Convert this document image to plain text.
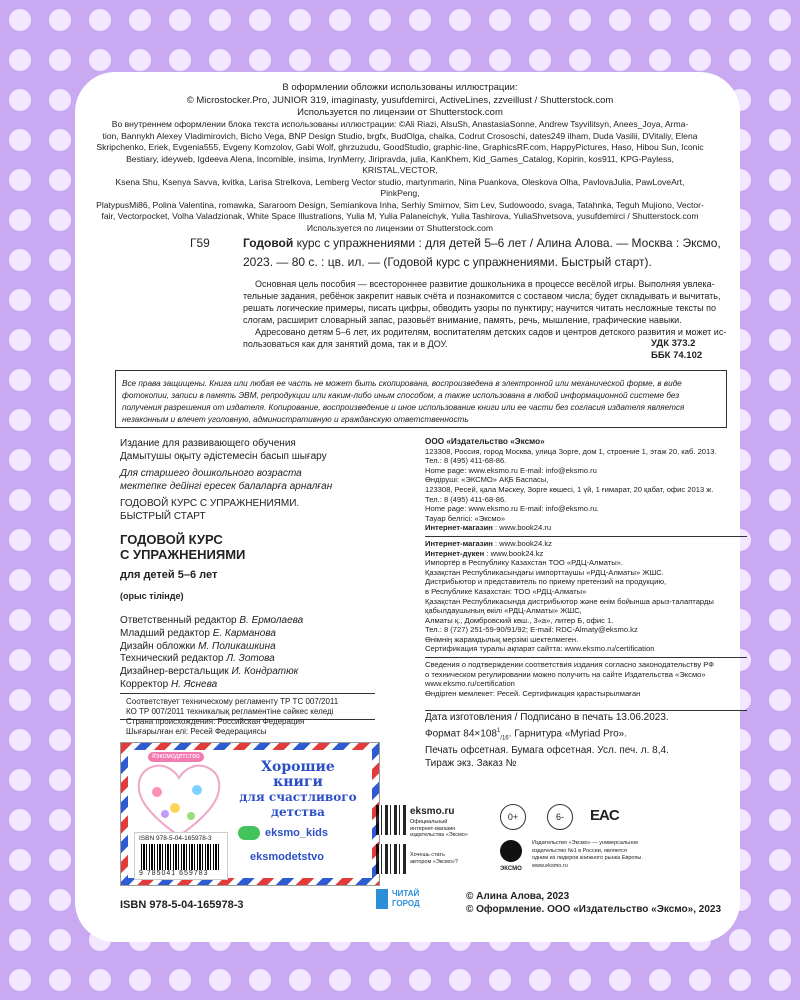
В оформлении обложки использованы иллюстрации:
© Microstocker.Pro, JUNIOR 319, imaginasty, yusufdemirci, ActiveLines, zzveillust / Shutterstock.com
Используется по лицензии от Shutterstock.com
Во внутреннем оформлении блока текста использованы иллюстрации: ©Ali Riazi, AlsuSh, AnastasiaSonne, Andrew Tsyvilitsyn, Anees_Joya, Arma-
tion, Bannykh Alexey Vladimirovich, Bicho Vega, BNP Design Studio, brgfx, BudOlga, chaika, Codrut Crososchi, dates249 ilham, Duda Vasilii, DVitaliy, Elena
Skripchenko, Eriek, Evgenia555, Evgeny Komzolov, Gabi Wolf, ghrzuzudu, GoodStudio, graphic-line, GraphicsRF.com, HappyPictures, Haso, Hibou Sun, Iconic
Bestiary, ideyweb, Igdeeva Alena, Incomible, insima, IrynMerry, Jiripravda, julia, KanKhem, Kid_Games_Catalog, Kopirin, kos911, KPG-Payless, KRISTAL.VECTOR,
Ksena Shu, Ksenya Savva, kvitka, Larisa Strelkova, Lemberg Vector studio, martynmarin, Nina Puankova, Oleskova Olha, PavlovaJulia, PawLoveArt, PinkPeng,
PlatypusMi86, Polina Valentina, romawka, Sararoom Design, Semiankova Inha, Serhiy Smirnov, Sim Lev, Sudowoodo, svaga, Tatahnka, Teguh Mujiono, Vector-
fair, Vectorpocket, Volha Valadzionak, White Space Illustrations, Yulia M, Yulia Palaneichyk, Yulia Tashirova, YuliaShvetsova, yusufdemirci / Shutterstock.com
Используется по лицензии от Shutterstock.com
Г59	Годовой курс с упражнениями : для детей 5–6 лет / Алина Алова. — Москва : Эксмо,
2023. — 80 с. : цв. ил. — (Годовой курс с упражнениями. Быстрый старт).
Основная цель пособия — всестороннее развитие дошкольника в процессе весёлой игры. Выполняя увлека-
тельные задания, ребёнок закрепит навык счёта и познакомится с составом числа; будет складывать и вычитать,
решать логические примеры, писать цифры, обводить узоры по пунктиру; научится читать несложные тексты по
слогам, расширит словарный запас, разовьёт внимание, память, речь, мышление, графические навыки.
Адресовано детям 5–6 лет, их родителям, воспитателям детских садов и центров детского развития и может ис-
пользоваться как для занятий дома, так и в ДОУ.	УДК 373.2
ББК 74.102
Все права защищены. Книга или любая ее часть не может быть скопирована, воспроизведена в электронной или механической форме, в виде
фотокопии, записи в память ЭВМ, репродукции или каким-либо иным способом, а также использована в любой информационной системе без
получения разрешения от издателя. Копирование, воспроизведение и иное использование книги или ее части без согласия издателя является
незаконным и влечет уголовную, административную и гражданскую ответственность
Издание для развивающего обучения
Дамытушы оқыту әдістемесін басып шығару
Для старшего дошкольного возраста
мектепке дейінгі ересек балаларға арналған
ГОДОВОЙ КУРС С УПРАЖНЕНИЯМИ.
БЫСТРЫЙ СТАРТ
ГОДОВОЙ КУРС
С УПРАЖНЕНИЯМИ
для детей 5–6 лет
(орыс тілінде)
Ответственный редактор В. Ермолаева
Младший редактор Е. Карманова
Дизайн обложки М. Поликашкина
Технический редактор Л. Зотова
Дизайнер-верстальщик И. Кондратюк
Корректор Н. Яснева
Соответствует техническому регламенту ТР ТС 007/2011
КО ТР 007/2011 техникалық регламентіне сәйкес келеді
Страна происхождения: Российская Федерация
Шығарылған елі: Ресей Федерациясы
ООО «Издательство «Эксмо»
123308, Россия, город Москва, улица Зорге, дом 1, строение 1, этаж 20, каб. 2013.
Тел.: 8 (495) 411-68-86.
Home page: www.eksmo.ru E-mail: info@eksmo.ru
Өндіруші: «ЭКСМО» АҚБ Баспасы,
123308, Ресей, қала Мәскеу, Зорге көшесі, 1 үй, 1 ғимарат, 20 қабат, офис 2013 ж.
Тел.: 8 (495) 411-68-86.
Home page: www.eksmo.ru E-mail: info@eksmo.ru.
Тауар белгісі: «Эксмо»
Интернет-магазин : www.book24.ru
Интернет-магазин : www.book24.kz
Интернет-дүкен : www.book24.kz
Импортёр в Республику Казахстан ТОО «РДЦ-Алматы».
Қазақстан Республикасындағы импорттаушы «РДЦ-Алматы» ЖШС.
Дистрибьютор и представитель по приему претензий на продукцию,
в Республике Казахстан: ТОО «РДЦ-Алматы»
Қазақстан Республикасында дистрибьютор және өнім бойынша арыз-талаптарды
қабылдаушының өкілі «РДЦ-Алматы» ЖШС,
Алматы қ., Домбровский көш., 3«а», литер Б, офис 1.
Тел.: 8 (727) 251-59-90/91/92; E-mail: RDC-Almaty@eksmo.kz
Өнімнің жарамдылық мерзімі шектелмеген.
Сертификация туралы ақпарат сайтта: www.eksmo.ru/certification
Сведения о подтверждении соответствия издания согласно законодательству РФ
о техническом регулировании можно получить на сайте Издательства «Эксмо»
www.eksmo.ru/certification
Өндірген мемлекет: Ресей. Сертификация қарастырылмаған
Дата изготовления / Подписано в печать 13.06.2023.
Формат $84\times 108^1_{/16}$. Гарнитура «Myriad Pro».
Печать офсетная. Бумага офсетная. Усл. печ. л. 8,4.
Тираж экз. Заказ №
#эксмодетство
Хорошие
книги
для счастливого
детства
ISBN 978-5-04-165978-3
9 785041 659783
eksmo_kids
eksmodetstvo
eksmo.ru
Официальный
интернет-магазин
издательства «Эксмо»
Хочешь стать
автором «Эксмо»?
0+	6-	EAC
ЭКСМО
Издательство «Эксмо» — универсальное
издательство №1 в России, является
одним из лидеров книжного рынка Европы.
www.eksmo.ru
ЧИТАЙ
ГОРОД
ISBN 978-5-04-165978-3
© Алина Алова, 2023
© Оформление. ООО «Издательство «Эксмо», 2023
